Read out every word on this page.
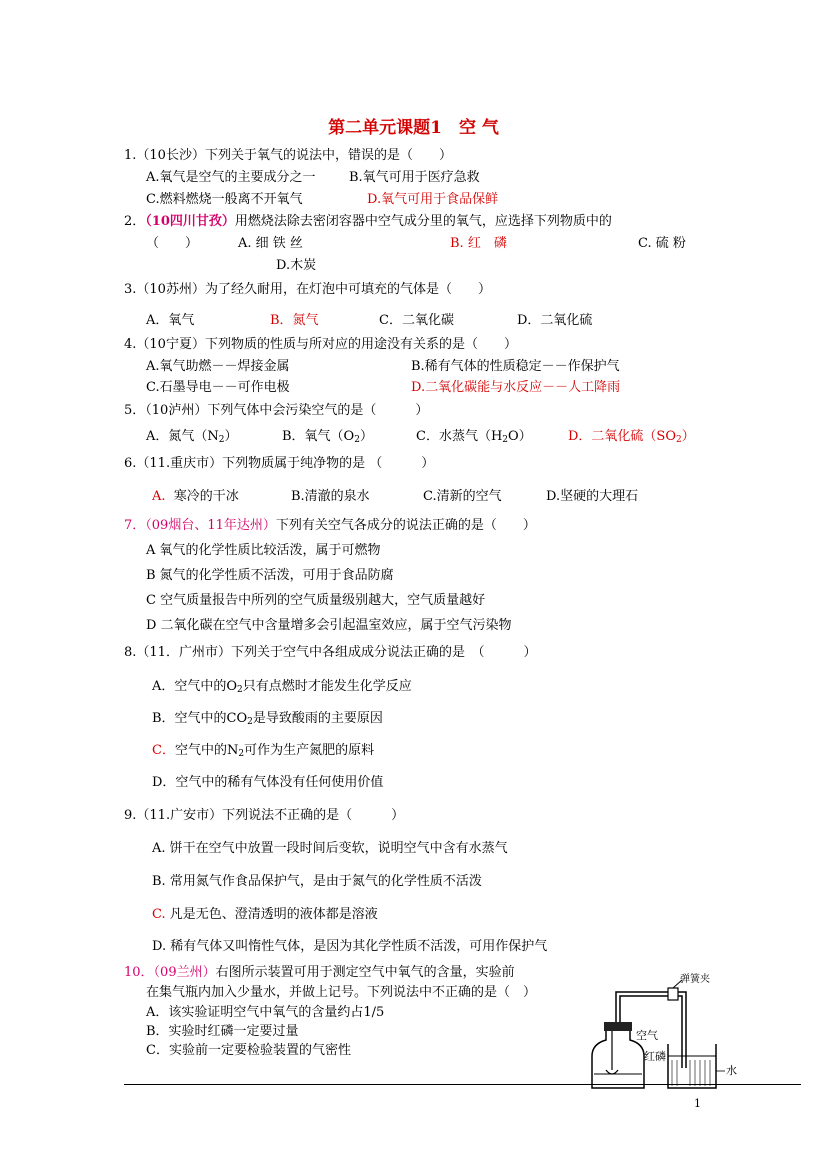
第二单元课题1　空 气
1.（10长沙）下列关于氧气的说法中，错误的是（　　）
A.氧气是空气的主要成分之一	B.氧气可用于医疗急救
C.燃料燃烧一般离不开氧气	D.氧气可用于食品保鲜
2．（10四川甘孜）用燃烧法除去密闭容器中空气成分里的氧气，应选择下列物质中的
（　　）	A. 细 铁 丝	B. 红　磷	C. 硫 粉
D.木炭
3.（10苏州）为了经久耐用，在灯泡中可填充的气体是（　　）
A．氧气	B．氮气	C．二氧化碳	D．二氧化硫
4.（10宁夏）下列物质的性质与所对应的用途没有关系的是（　　）
A.氧气助燃－－焊接金属	B.稀有气体的性质稳定－－作保护气
C.石墨导电－－可作电极	D.二氧化碳能与水反应－－人工降雨
5．（10泸州）下列气体中会污染空气的是（　　　）
A．氮气$(N_2)$	B．氧气$(O_2)$	C．水蒸气$(H_2O)$	D．二氧化硫$(SO_2)$
6.（11.重庆市）下列物质属于纯净物的是 （　　　）
A. 寒冷的干冰	B.清澈的泉水	C.清新的空气	D.坚硬的大理石
7．（09烟台、11年达州）下列有关空气各成分的说法正确的是（　　）
A 氧气的化学性质比较活泼，属于可燃物
B 氮气的化学性质不活泼，可用于食品防腐
C 空气质量报告中所列的空气质量级别越大，空气质量越好
D 二氧化碳在空气中含量增多会引起温室效应，属于空气污染物
8.（11．广州市）下列关于空气中各组成成分说法正确的是　（　　　）
A．空气中的$O_2$只有点燃时才能发生化学反应
B．空气中的$CO_2$是导致酸雨的主要原因
C．空气中的$N_2$可作为生产氮肥的原料
D．空气中的稀有气体没有任何使用价值
9.（11.广安市）下列说法不正确的是（　　　）
A. 饼干在空气中放置一段时间后变软，说明空气中含有水蒸气
B. 常用氮气作食品保护气，是由于氮气的化学性质不活泼
C. 凡是无色、澄清透明的液体都是溶液
D. 稀有气体又叫惰性气体，是因为其化学性质不活泼，可用作保护气
10．（09兰州）右图所示装置可用于测定空气中氧气的含量，实验前
在集气瓶内加入少量水，并做上记号。下列说法中不正确的是（　）
A．该实验证明空气中氧气的含量约占1/5
B．实验时红磷一定要过量
C．实验前一定要检验装置的气密性
弹簧夹
空气
红磷
水
1
